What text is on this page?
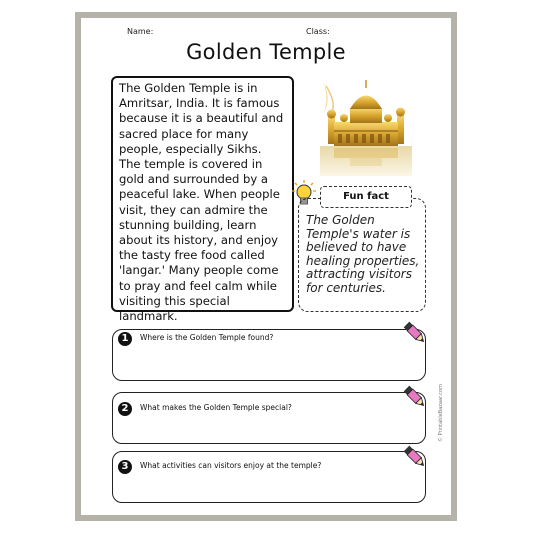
Name:	Class:
Golden Temple
The Golden Temple is in Amritsar, India. It is famous because it is a beautiful and sacred place for many people, especially Sikhs. The temple is covered in gold and surrounded by a peaceful lake. When people visit, they can admire the stunning building, learn about its history, and enjoy the tasty free food called 'langar.' Many people come to pray and feel calm while visiting this special landmark.
Fun fact
The Golden Temple's water is believed to have healing properties, attracting visitors for centuries.
1	Where is the Golden Temple found?
2	What makes the Golden Temple special?
3	What activities can visitors enjoy at the temple?
© PrintableBazaar.com
